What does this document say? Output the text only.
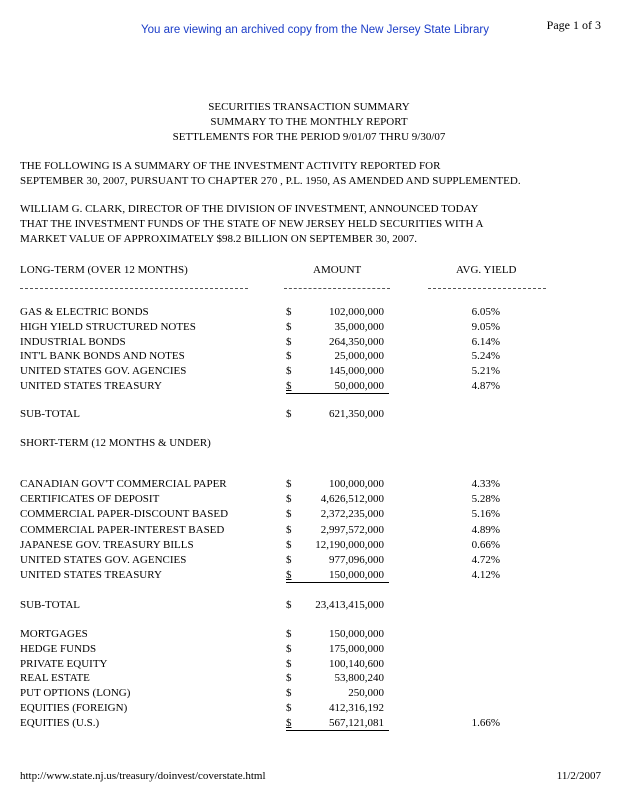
You are viewing an archived copy from the New Jersey State Library	Page 1 of 3
SECURITIES TRANSACTION SUMMARY
SUMMARY TO THE MONTHLY REPORT
SETTLEMENTS FOR THE PERIOD 9/01/07 THRU 9/30/07
THE FOLLOWING IS A SUMMARY OF THE INVESTMENT ACTIVITY REPORTED FOR
SEPTEMBER 30, 2007, PURSUANT TO CHAPTER 270 , P.L. 1950, AS AMENDED AND SUPPLEMENTED.
WILLIAM G. CLARK, DIRECTOR OF THE DIVISION OF INVESTMENT, ANNOUNCED TODAY
THAT THE INVESTMENT FUNDS OF THE STATE OF NEW JERSEY HELD SECURITIES WITH A
MARKET VALUE OF APPROXIMATELY $98.2 BILLION ON SEPTEMBER 30, 2007.
LONG-TERM (OVER 12 MONTHS)	AMOUNT	AVG. YIELD
GAS & ELECTRIC BONDS	$	102,000,000	6.05%
HIGH YIELD STRUCTURED NOTES	$	35,000,000	9.05%
INDUSTRIAL BONDS	$	264,350,000	6.14%
INT'L BANK BONDS AND NOTES	$	25,000,000	5.24%
UNITED STATES GOV. AGENCIES	$	145,000,000	5.21%
UNITED STATES TREASURY	$	50,000,000	4.87%
SUB-TOTAL	$	621,350,000
SHORT-TERM (12 MONTHS & UNDER)
CANADIAN GOV'T COMMERCIAL PAPER	$	100,000,000	4.33%
CERTIFICATES OF DEPOSIT	$	4,626,512,000	5.28%
COMMERCIAL PAPER-DISCOUNT BASED	$	2,372,235,000	5.16%
COMMERCIAL PAPER-INTEREST BASED	$	2,997,572,000	4.89%
JAPANESE GOV. TREASURY BILLS	$	12,190,000,000	0.66%
UNITED STATES GOV. AGENCIES	$	977,096,000	4.72%
UNITED STATES TREASURY	$	150,000,000	4.12%
SUB-TOTAL	$	23,413,415,000
MORTGAGES	$	150,000,000
HEDGE FUNDS	$	175,000,000
PRIVATE EQUITY	$	100,140,600
REAL ESTATE	$	53,800,240
PUT OPTIONS (LONG)	$	250,000
EQUITIES (FOREIGN)	$	412,316,192
EQUITIES (U.S.)	$	567,121,081	1.66%
http://www.state.nj.us/treasury/doinvest/coverstate.html	11/2/2007
